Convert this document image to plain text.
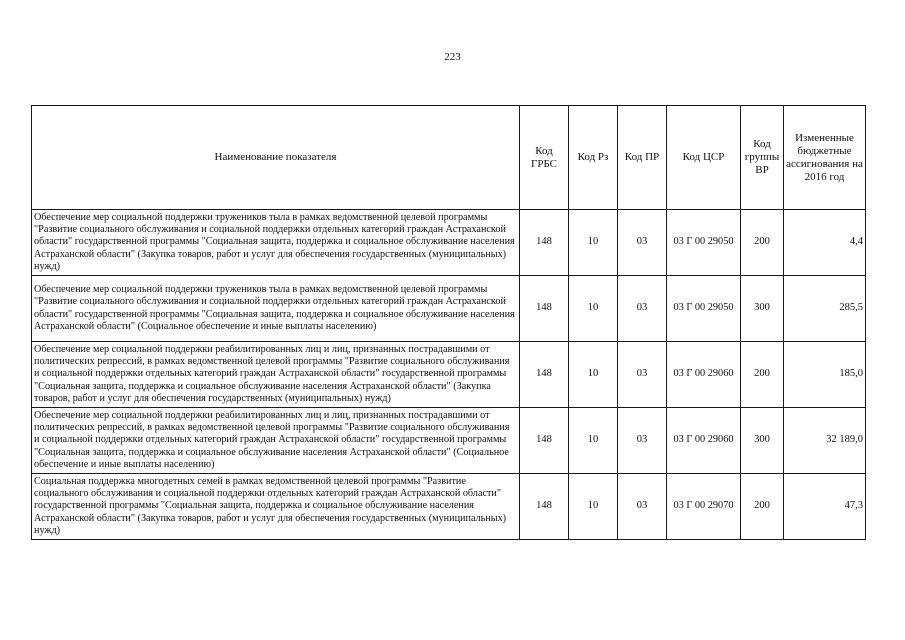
223
Наименование показателя	Код ГРБС	Код Рз	Код ПР	Код ЦСР	Код группы ВР	Измененные бюджетные ассигнования на 2016 год
Обеспечение мер социальной поддержки тружеников тыла в рамках ведомственной целевой программы "Развитие социального обслуживания и социальной поддержки отдельных категорий граждан Астраханской области" государственной программы "Социальная защита, поддержка и социальное обслуживание населения Астраханской области" (Закупка товаров, работ и услуг для обеспечения государственных (муниципальных) нужд)	148	10	03	03 Г 00 29050	200	4,4
Обеспечение мер социальной поддержки тружеников тыла в рамках ведомственной целевой программы "Развитие социального обслуживания и социальной поддержки отдельных категорий граждан Астраханской области" государственной программы "Социальная защита, поддержка и социальное обслуживание населения Астраханской области" (Социальное обеспечение и иные выплаты населению)	148	10	03	03 Г 00 29050	300	285,5
Обеспечение мер социальной поддержки реабилитированных лиц и лиц, признанных пострадавшими от политических репрессий, в рамках ведомственной целевой программы "Развитие социального обслуживания и социальной поддержки отдельных категорий граждан Астраханской области" государственной программы "Социальная защита, поддержка и социальное обслуживание населения Астраханской области" (Закупка товаров, работ и услуг для обеспечения государственных (муниципальных) нужд)	148	10	03	03 Г 00 29060	200	185,0
Обеспечение мер социальной поддержки реабилитированных лиц и лиц, признанных пострадавшими от политических репрессий, в рамках ведомственной целевой программы "Развитие социального обслуживания и социальной поддержки отдельных категорий граждан Астраханской области" государственной программы "Социальная защита, поддержка и социальное обслуживание населения Астраханской области" (Социальное обеспечение и иные выплаты населению)	148	10	03	03 Г 00 29060	300	32 189,0
Социальная поддержка многодетных семей в рамках ведомственной целевой программы "Развитие социального обслуживания и социальной поддержки отдельных категорий граждан Астраханской области" государственной программы "Социальная защита, поддержка и социальное обслуживание населения Астраханской области" (Закупка товаров, работ и услуг для обеспечения государственных (муниципальных) нужд)	148	10	03	03 Г 00 29070	200	47,3
